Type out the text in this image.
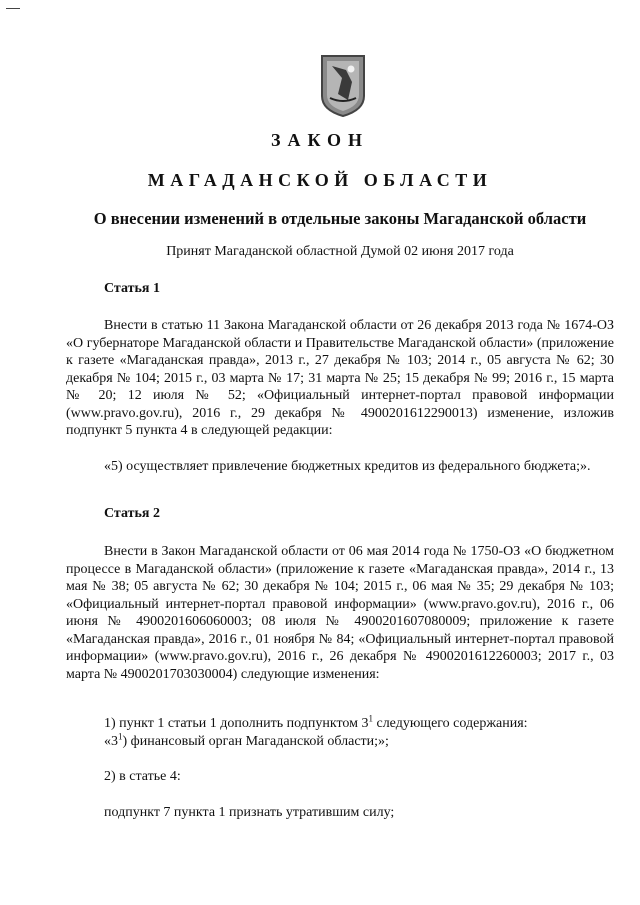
ЗАКОН
МАГАДАНСКОЙ ОБЛАСТИ
О внесении изменений в отдельные законы Магаданской области
Принят Магаданской областной Думой 02 июня 2017 года
Статья 1
Внести в статью 11 Закона Магаданской области от 26 декабря 2013 года № 1674-ОЗ «О губернаторе Магаданской области и Правительстве Магаданской области» (приложение к газете «Магаданская правда», 2013 г., 27 декабря № 103; 2014 г., 05 августа № 62; 30 декабря № 104; 2015 г., 03 марта № 17; 31 марта № 25; 15 декабря № 99; 2016 г., 15 марта № 20; 12 июля № 52; «Официальный интернет-портал правовой информации (www.pravo.gov.ru), 2016 г., 29 декабря № 4900201612290013) изменение, изложив подпункт 5 пункта 4 в следующей редакции:
«5) осуществляет привлечение бюджетных кредитов из федерального бюджета;».
Статья 2
Внести в Закон Магаданской области от 06 мая 2014 года № 1750-ОЗ «О бюджетном процессе в Магаданской области» (приложение к газете «Магаданская правда», 2014 г., 13 мая № 38; 05 августа № 62; 30 декабря № 104; 2015 г., 06 мая № 35; 29 декабря № 103; «Официальный интернет-портал правовой информации» (www.pravo.gov.ru), 2016 г., 06 июня № 4900201606060003; 08 июля № 4900201607080009; приложение к газете «Магаданская правда», 2016 г., 01 ноября № 84; «Официальный интернет-портал правовой информации» (www.pravo.gov.ru), 2016 г., 26 декабря № 4900201612260003; 2017 г., 03 марта № 4900201703030004) следующие изменения:
1) пункт 1 статьи 1 дополнить подпунктом $3^1$ следующего содержания:
«$3^1$) финансовый орган Магаданской области;»;
2) в статье 4:
подпункт 7 пункта 1 признать утратившим силу;
